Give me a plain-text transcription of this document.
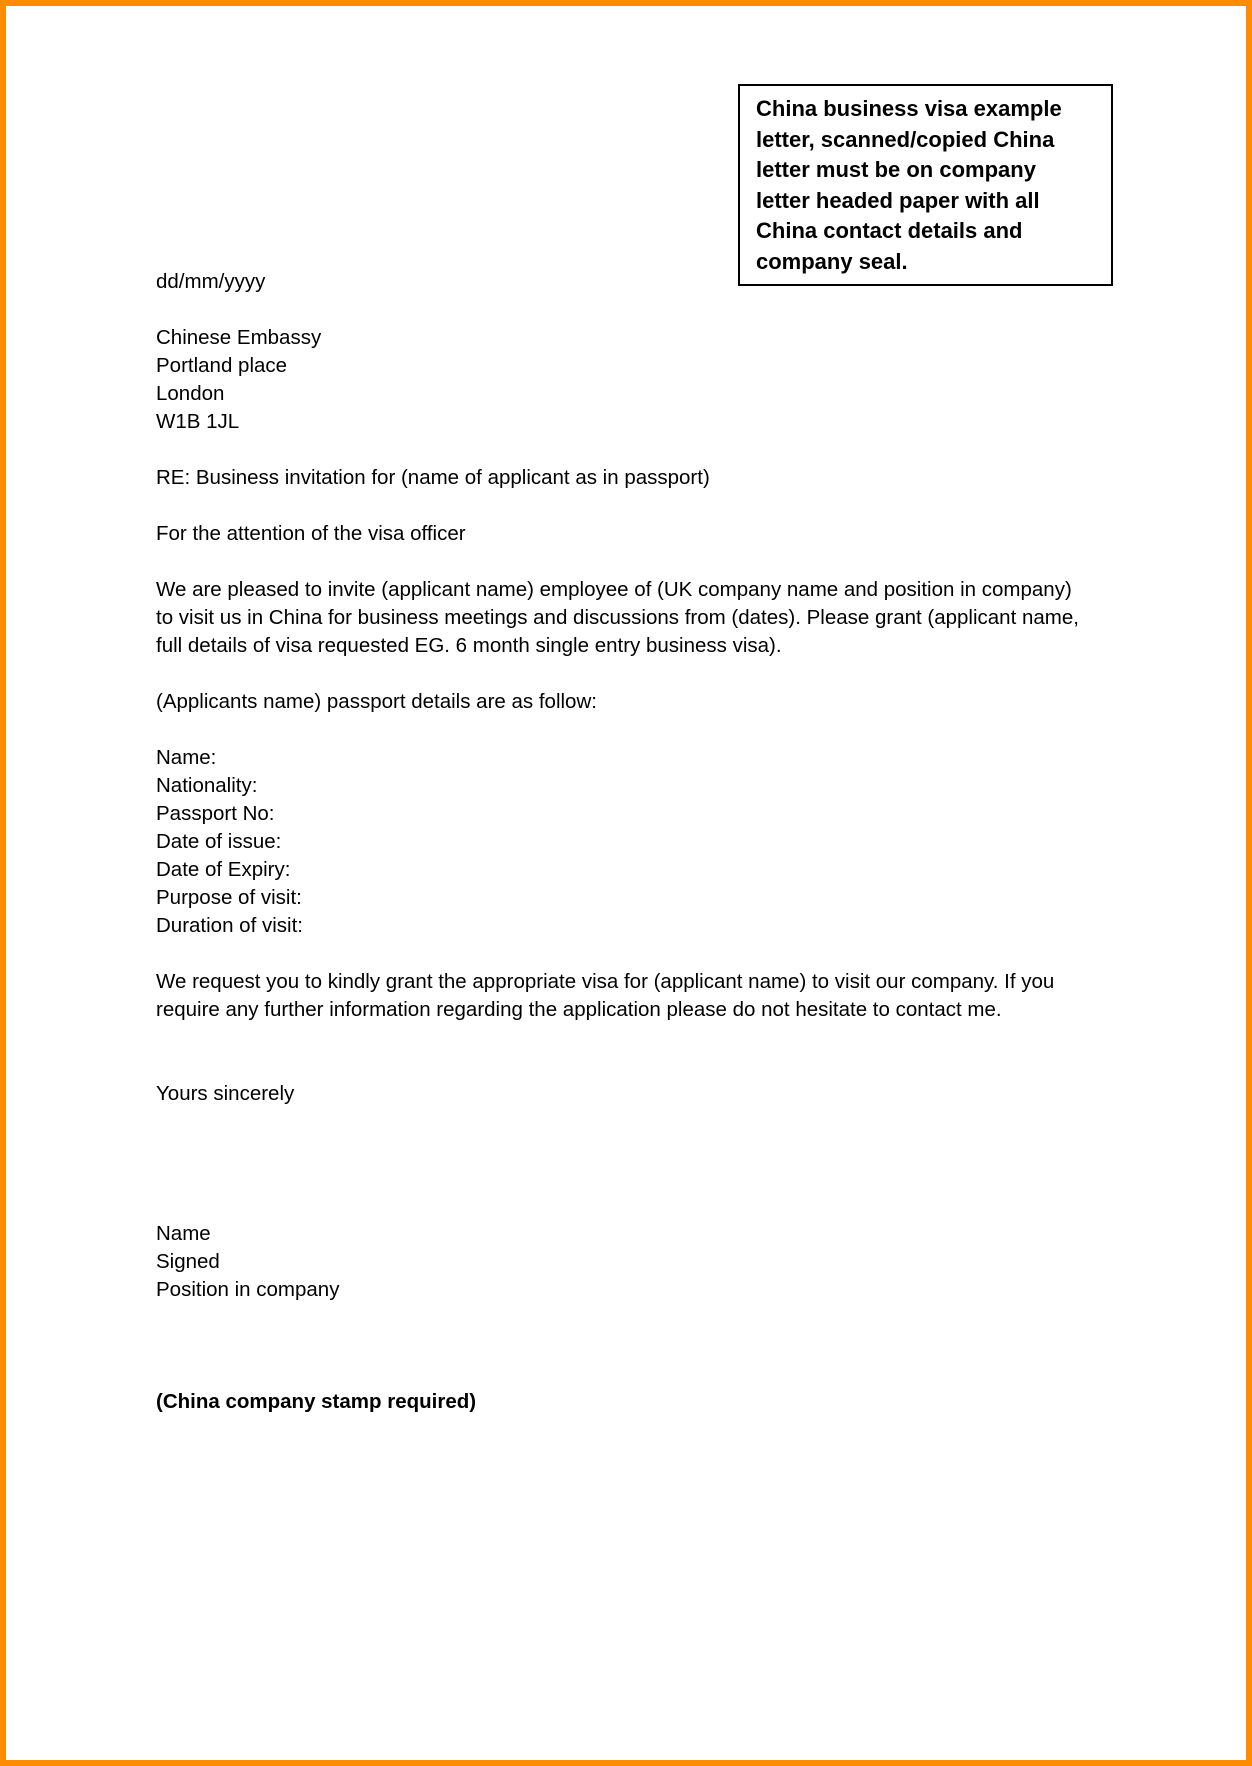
China business visa example
letter, scanned/copied China
letter must be on company
letter headed paper with all
China contact details and
company seal.
dd/mm/yyyy
Chinese Embassy
Portland place
London
W1B 1JL
RE: Business invitation for (name of applicant as in passport)
For the attention of the visa officer
We are pleased to invite (applicant name) employee of (UK company name and position in company)
to visit us in China for business meetings and discussions from (dates). Please grant (applicant name,
full details of visa requested EG. 6 month single entry business visa).
(Applicants name) passport details are as follow:
Name:
Nationality:
Passport No:
Date of issue:
Date of Expiry:
Purpose of visit:
Duration of visit:
We request you to kindly grant the appropriate visa for (applicant name) to visit our company. If you
require any further information regarding the application please do not hesitate to contact me.
Yours sincerely
Name
Signed
Position in company
(China company stamp required)
